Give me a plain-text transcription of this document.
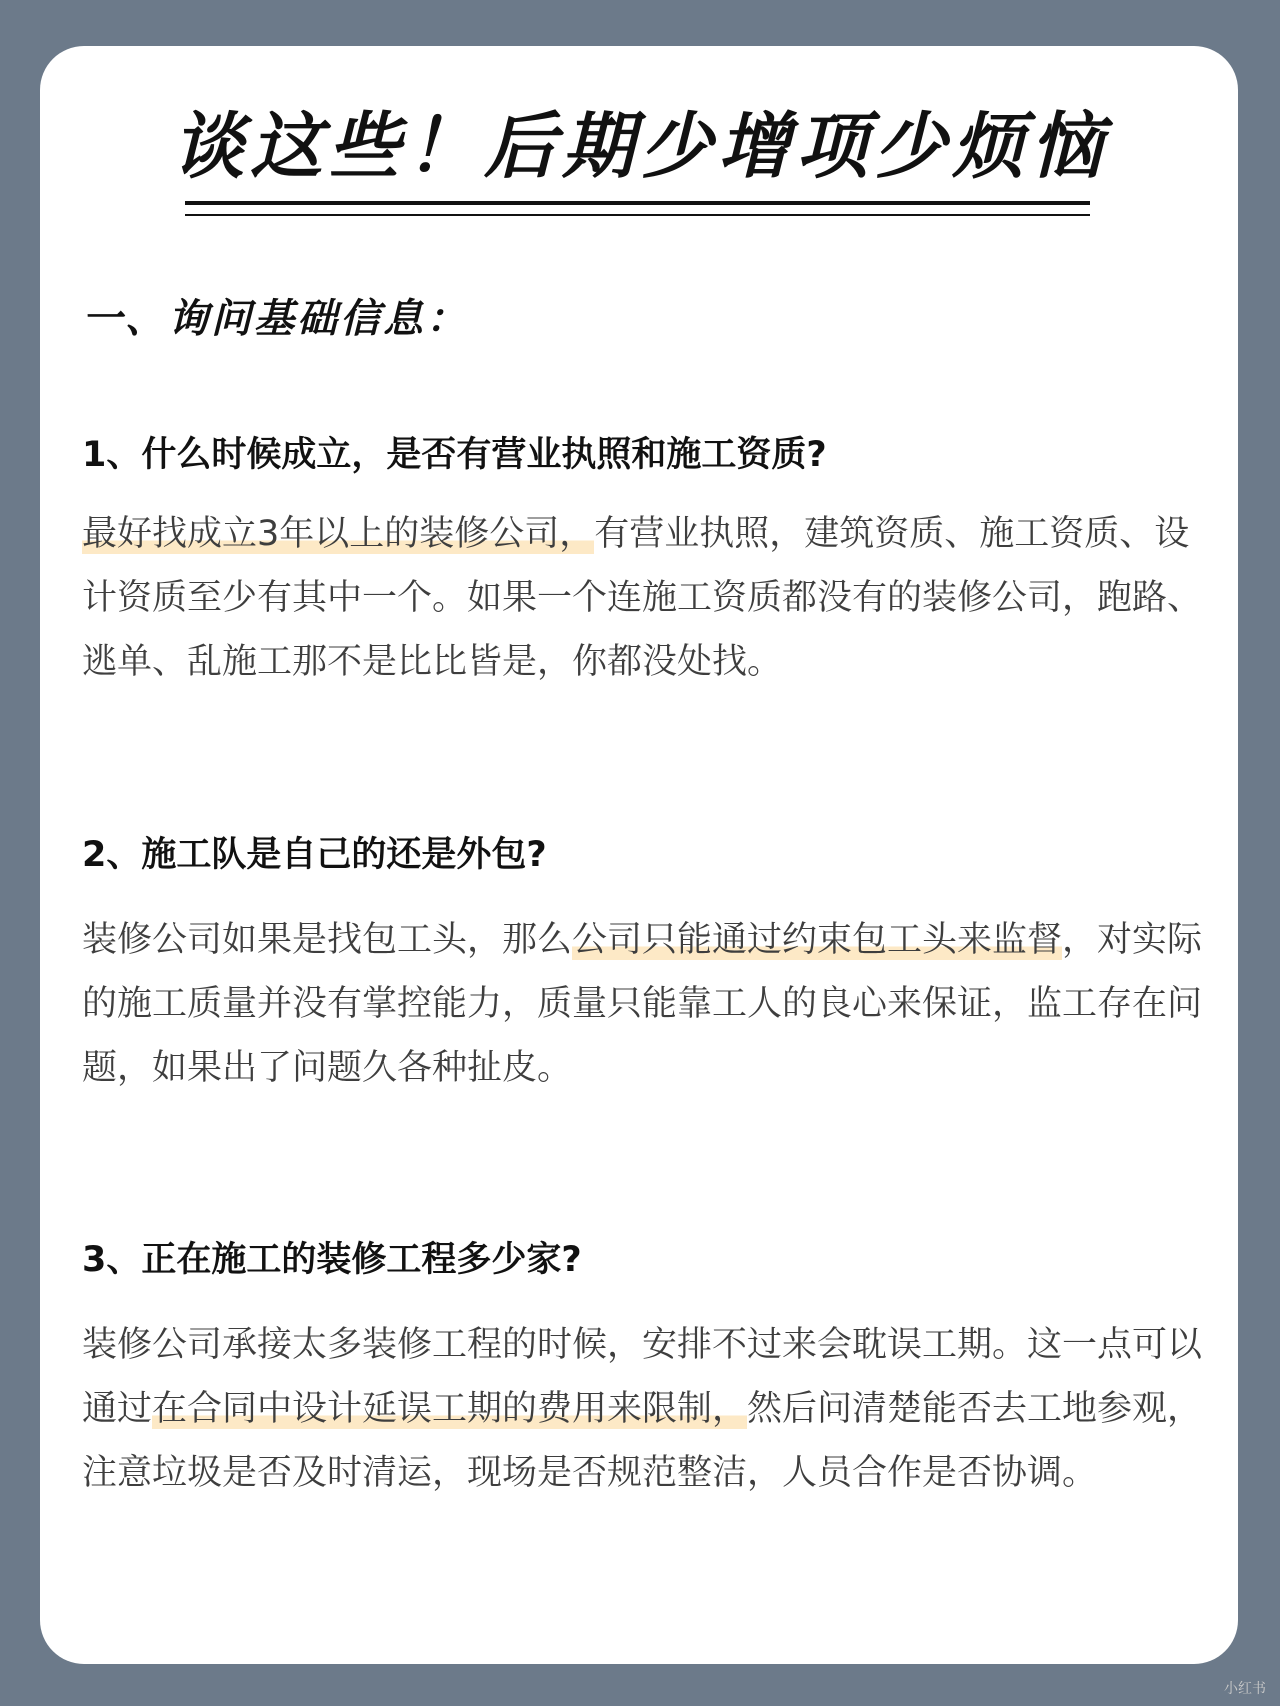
谈这些！后期少增项少烦恼
一、询问基础信息：
1、什么时候成立，是否有营业执照和施工资质?

最好找成立3年以上的装修公司，有营业执照，建筑资质、施工资质、设计资质至少有其中一个。如果一个连施工资质都没有的装修公司，跑路、逃单、乱施工那不是比比皆是，你都没处找。

2、施工队是自己的还是外包?

装修公司如果是找包工头，那么公司只能通过约束包工头来监督，对实际的施工质量并没有掌控能力，质量只能靠工人的良心来保证，监工存在问题，如果出了问题久各种扯皮。

3、正在施工的装修工程多少家?

装修公司承接太多装修工程的时候，安排不过来会耽误工期。这一点可以通过在合同中设计延误工期的费用来限制，然后问清楚能否去工地参观，注意垃圾是否及时清运，现场是否规范整洁，人员合作是否协调。

小红书
